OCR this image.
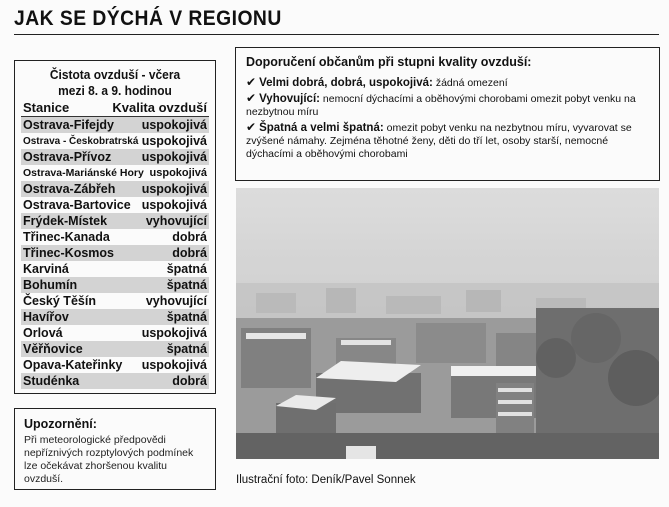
JAK SE DÝCHÁ V REGIONU
Čistota ovzduší - včera
mezi 8. a 9. hodinou
Stanice	Kvalita ovzduší
Ostrava-Fifejdy uspokojivá
Ostrava - Českobratrská uspokojivá
Ostrava-Přívoz uspokojivá
Ostrava-Mariánské Hory uspokojivá
Ostrava-Zábřeh uspokojivá
Ostrava-Bartovice uspokojivá
Frýdek-Místek	vyhovující
Třinec-Kanada	dobrá
Třinec-Kosmos	dobrá
Karviná	špatná
Bohumín	špatná
Český Těšín	vyhovující
Havířov	špatná
Orlová	uspokojivá
Věřňovice	špatná
Opava-Kateřinky uspokojivá
Studénka	dobrá
Upozornění:
Při meteorologické předpovědi nepříznivých rozptylových podmínek lze očekávat zhoršenou kvalitu ovzduší.
Doporučení občanům při stupni kvality ovzduší:
✔ Velmi dobrá, dobrá, uspokojivá: žádná omezení
✔ Vyhovující: nemocní dýchacími a oběhovými chorobami omezit pobyt venku na nezbytnou míru
✔ Špatná a velmi špatná: omezit pobyt venku na nezbytnou míru, vyvarovat se zvýšené námahy. Zejména těhotné ženy, děti do tří let, osoby starší, nemocné dýchacími a oběhovými chorobami
Ilustrační foto: Deník/Pavel Sonnek
